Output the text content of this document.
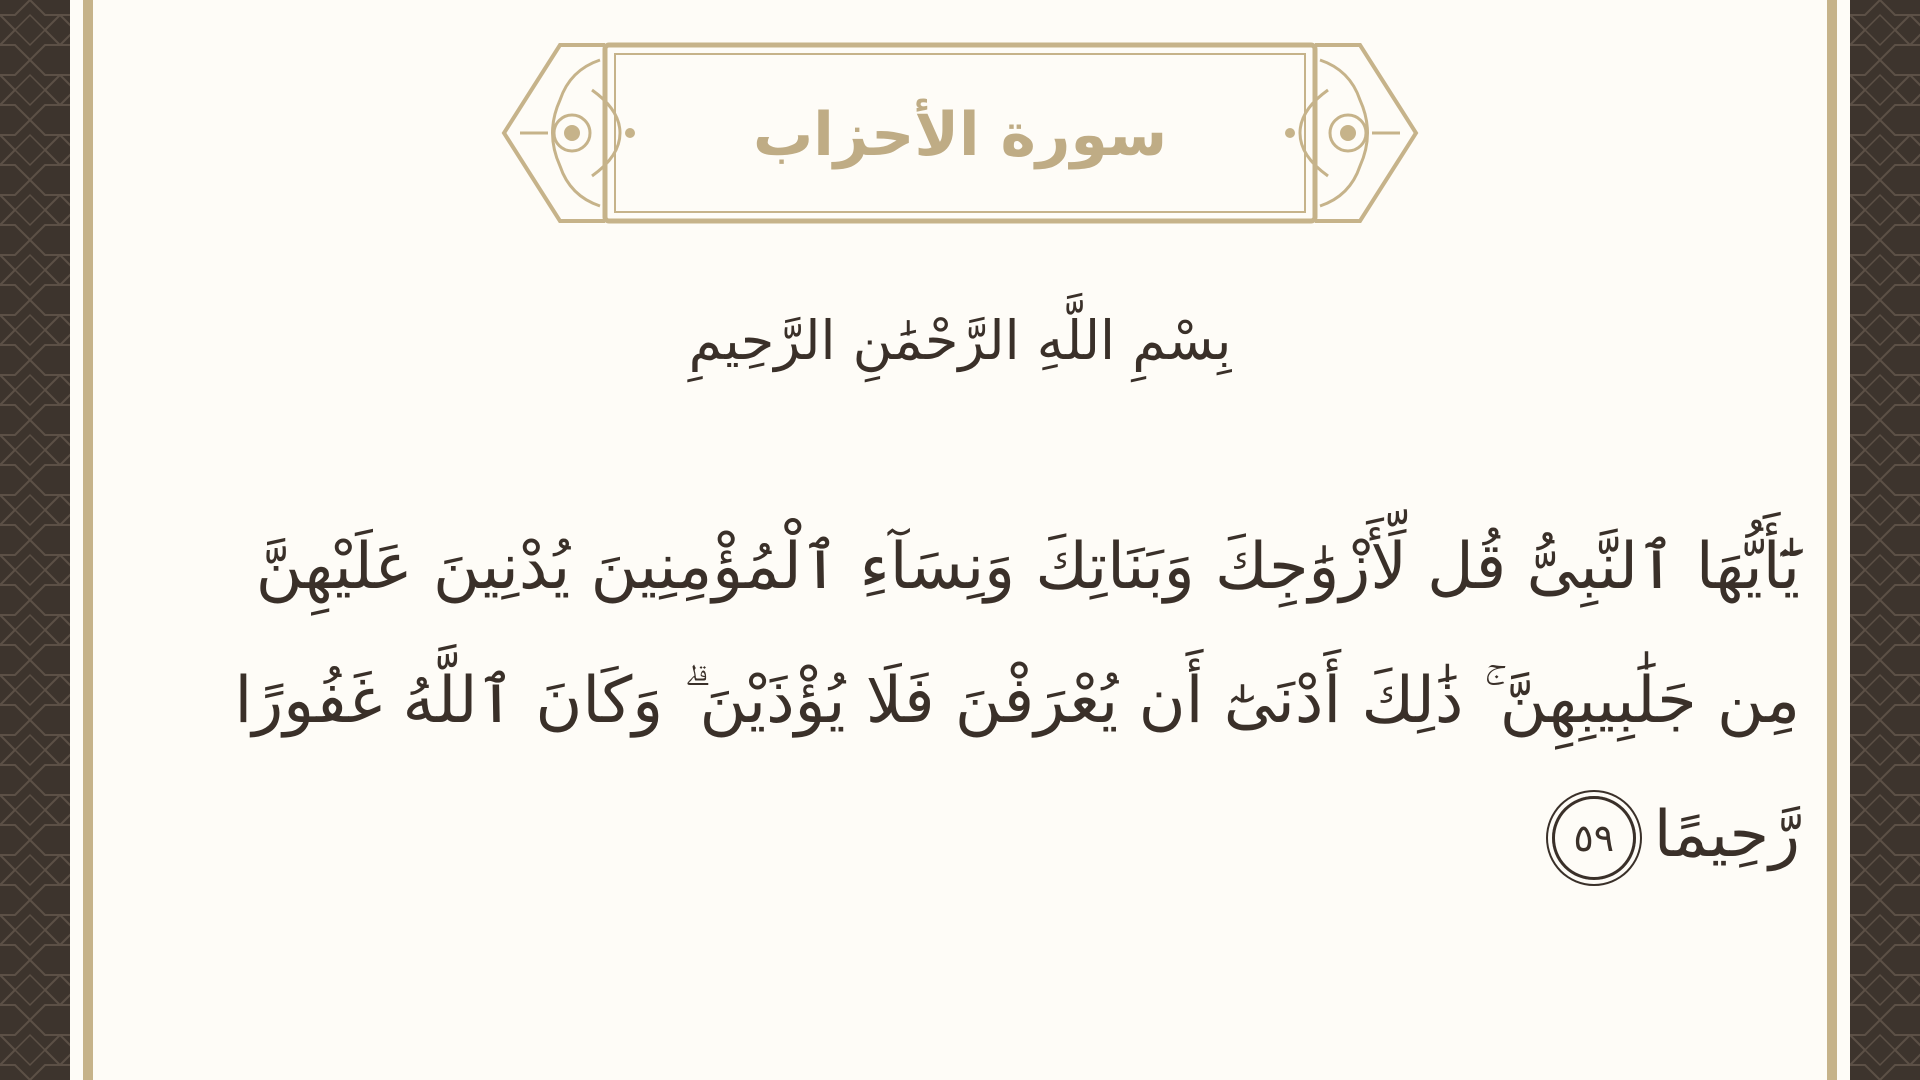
سورة الأحزاب
بِسْمِ اللَّهِ الرَّحْمَٰنِ الرَّحِيمِ
يَٰٓأَيُّهَا ٱلنَّبِىُّ قُل لِّأَزْوَٰجِكَ وَبَنَاتِكَ وَنِسَآءِ ٱلْمُؤْمِنِينَ يُدْنِينَ عَلَيْهِنَّ
مِن جَلَٰبِيبِهِنَّ ۚ ذَٰلِكَ أَدْنَىٰٓ أَن يُعْرَفْنَ فَلَا يُؤْذَيْنَ ۗ وَكَانَ ٱللَّهُ غَفُورًا
رَّحِيمًا٥٩
